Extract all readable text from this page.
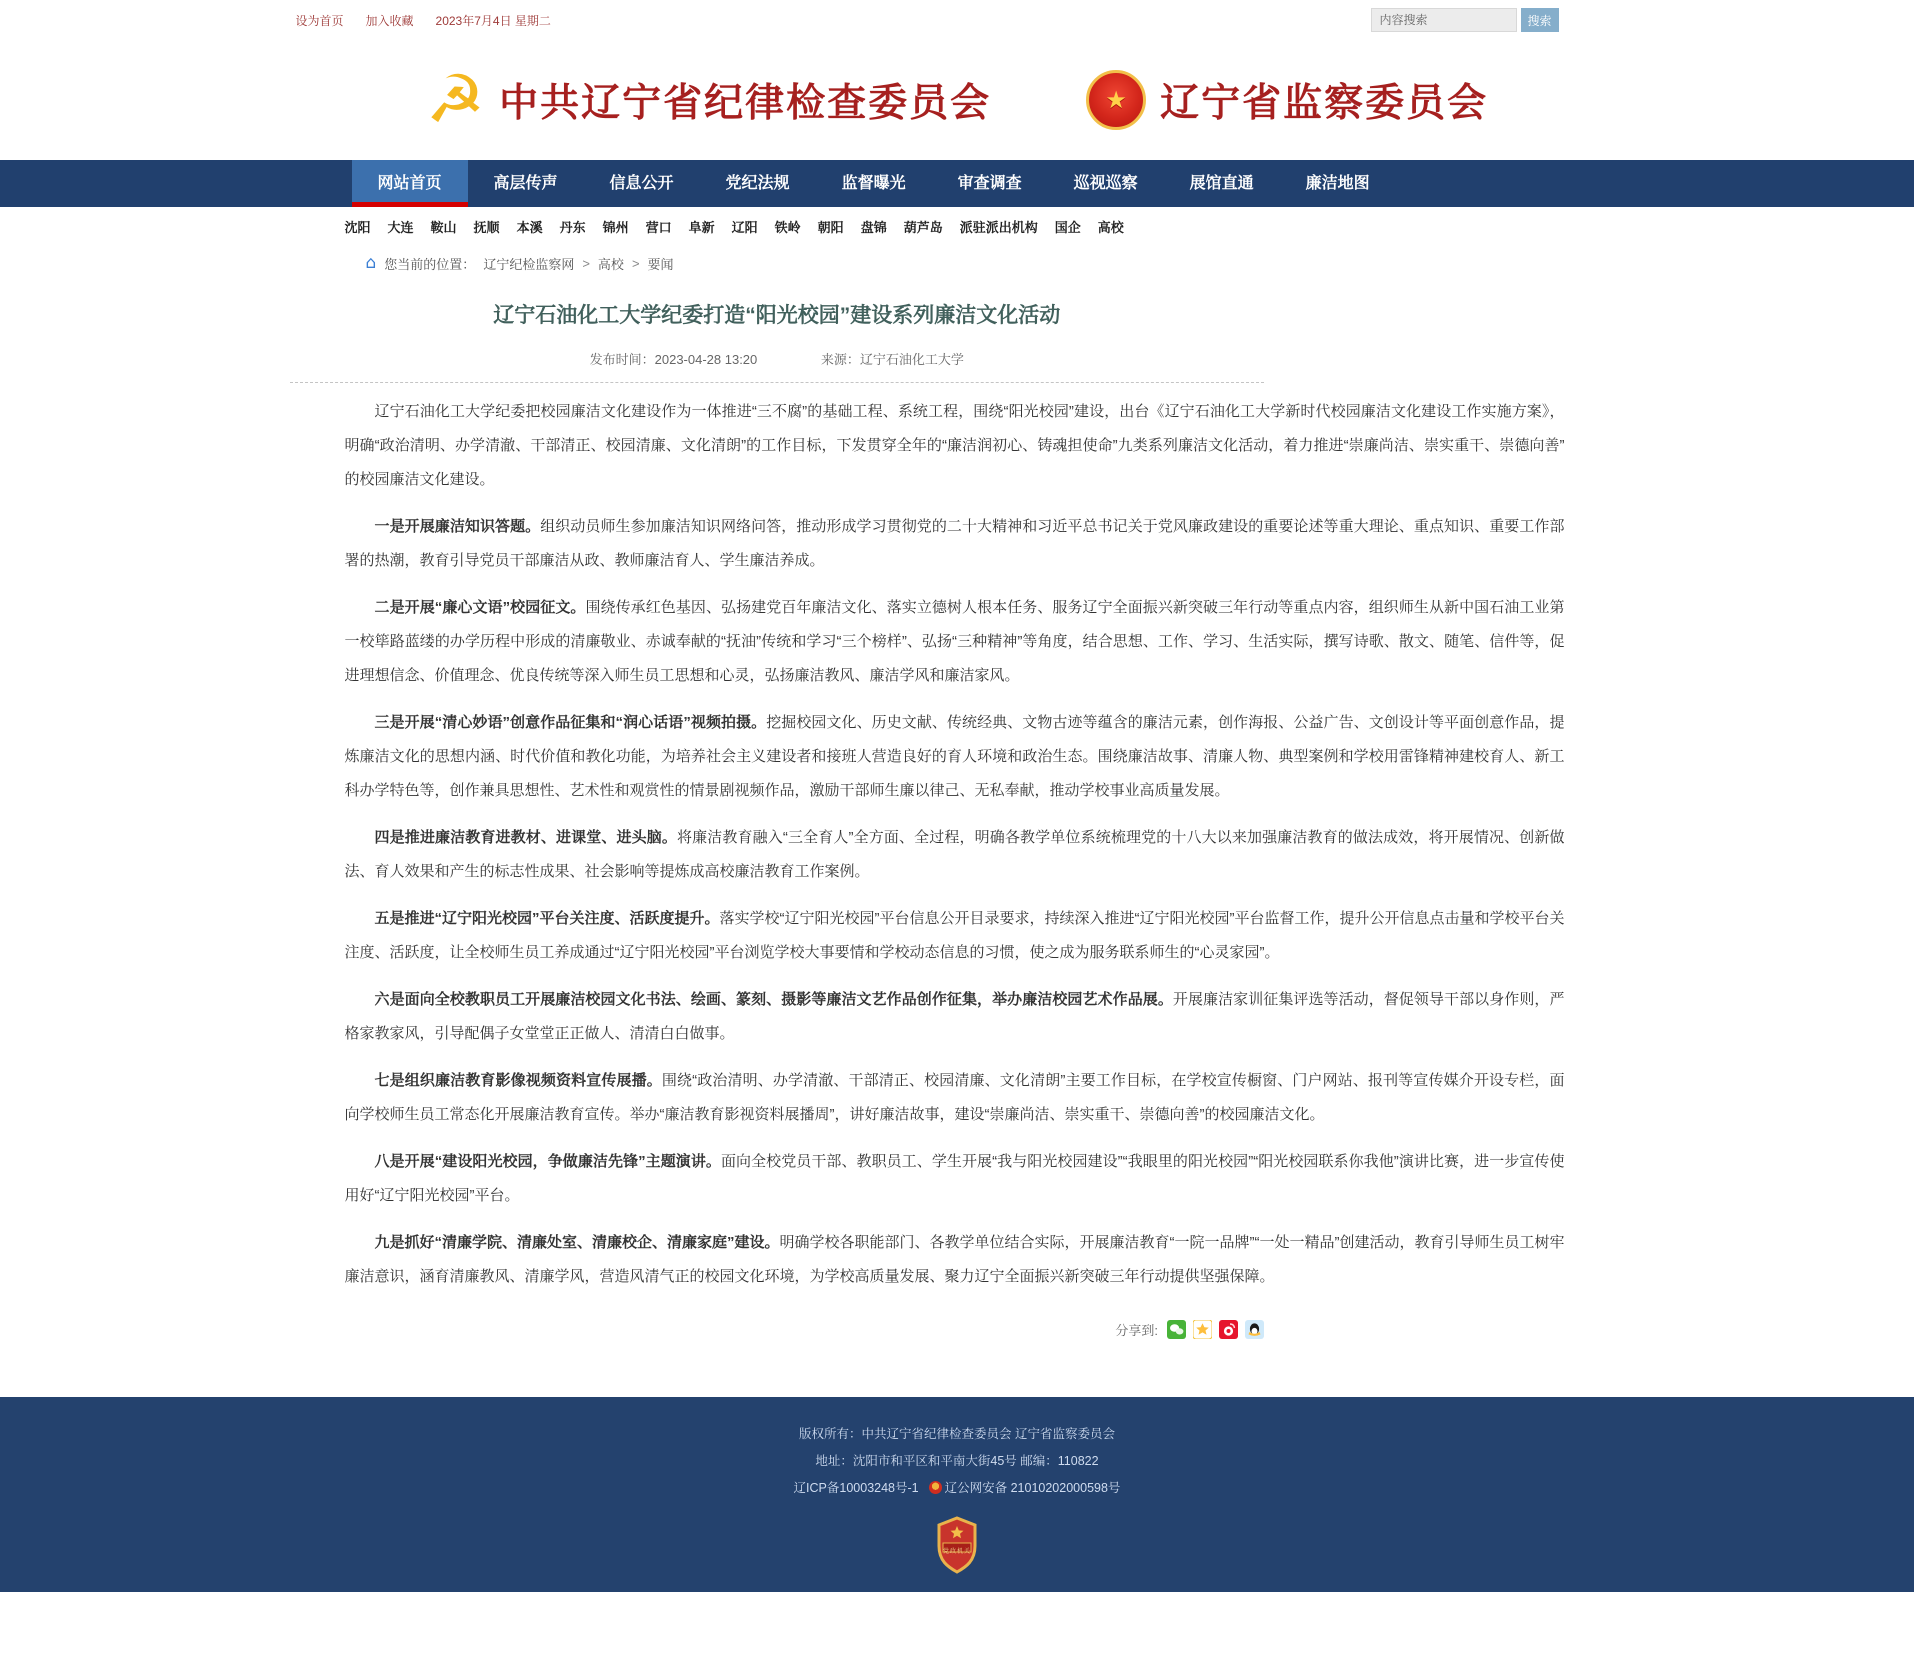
设为首页 加入收藏 2023年7月4日 星期二
内容搜索	搜索
☭ 中共辽宁省纪律检查委员会	★ 辽宁省监察委员会
网站首页	高层传声	信息公开	党纪法规	监督曝光	审查调查	巡视巡察	展馆直通	廉洁地图
沈阳 大连 鞍山 抚顺 本溪 丹东 锦州 营口 阜新 辽阳 铁岭 朝阳 盘锦 葫芦岛 派驻派出机构 国企 高校
⌂ 您当前的位置： 辽宁纪检监察网 > 高校 > 要闻
辽宁石油化工大学纪委打造“阳光校园”建设系列廉洁文化活动
发布时间：2023-04-28 13:20	来源：辽宁石油化工大学

辽宁石油化工大学纪委把校园廉洁文化建设作为一体推进“三不腐”的基础工程、系统工程，围绕“阳光校园”建设，出台《辽宁石油化工大学新时代校园廉洁文化建设工作实施方案》，明确“政治清明、办学清澈、干部清正、校园清廉、文化清朗”的工作目标，下发贯穿全年的“廉洁润初心、铸魂担使命”九类系列廉洁文化活动，着力推进“崇廉尚洁、崇实重干、崇德向善”的校园廉洁文化建设。

一是开展廉洁知识答题。组织动员师生参加廉洁知识网络问答，推动形成学习贯彻党的二十大精神和习近平总书记关于党风廉政建设的重要论述等重大理论、重点知识、重要工作部署的热潮，教育引导党员干部廉洁从政、教师廉洁育人、学生廉洁养成。

二是开展“廉心文语”校园征文。围绕传承红色基因、弘扬建党百年廉洁文化、落实立德树人根本任务、服务辽宁全面振兴新突破三年行动等重点内容，组织师生从新中国石油工业第一校筚路蓝缕的办学历程中形成的清廉敬业、赤诚奉献的“抚油”传统和学习“三个榜样”、弘扬“三种精神”等角度，结合思想、工作、学习、生活实际，撰写诗歌、散文、随笔、信件等，促进理想信念、价值理念、优良传统等深入师生员工思想和心灵，弘扬廉洁教风、廉洁学风和廉洁家风。

三是开展“清心妙语”创意作品征集和“润心话语”视频拍摄。挖掘校园文化、历史文献、传统经典、文物古迹等蕴含的廉洁元素，创作海报、公益广告、文创设计等平面创意作品，提炼廉洁文化的思想内涵、时代价值和教化功能，为培养社会主义建设者和接班人营造良好的育人环境和政治生态。围绕廉洁故事、清廉人物、典型案例和学校用雷锋精神建校育人、新工科办学特色等，创作兼具思想性、艺术性和观赏性的情景剧视频作品，激励干部师生廉以律己、无私奉献，推动学校事业高质量发展。

四是推进廉洁教育进教材、进课堂、进头脑。将廉洁教育融入“三全育人”全方面、全过程，明确各教学单位系统梳理党的十八大以来加强廉洁教育的做法成效，将开展情况、创新做法、育人效果和产生的标志性成果、社会影响等提炼成高校廉洁教育工作案例。

五是推进“辽宁阳光校园”平台关注度、活跃度提升。落实学校“辽宁阳光校园”平台信息公开目录要求，持续深入推进“辽宁阳光校园”平台监督工作，提升公开信息点击量和学校平台关注度、活跃度，让全校师生员工养成通过“辽宁阳光校园”平台浏览学校大事要情和学校动态信息的习惯，使之成为服务联系师生的“心灵家园”。

六是面向全校教职员工开展廉洁校园文化书法、绘画、篆刻、摄影等廉洁文艺作品创作征集，举办廉洁校园艺术作品展。开展廉洁家训征集评选等活动，督促领导干部以身作则，严格家教家风，引导配偶子女堂堂正正做人、清清白白做事。

七是组织廉洁教育影像视频资料宣传展播。围绕“政治清明、办学清澈、干部清正、校园清廉、文化清朗”主要工作目标，在学校宣传橱窗、门户网站、报刊等宣传媒介开设专栏，面向学校师生员工常态化开展廉洁教育宣传。举办“廉洁教育影视资料展播周”，讲好廉洁故事，建设“崇廉尚洁、崇实重干、崇德向善”的校园廉洁文化。

八是开展“建设阳光校园，争做廉洁先锋”主题演讲。面向全校党员干部、教职员工、学生开展“我与阳光校园建设”“我眼里的阳光校园”“阳光校园联系你我他”演讲比赛，进一步宣传使用好“辽宁阳光校园”平台。

九是抓好“清廉学院、清廉处室、清廉校企、清廉家庭”建设。明确学校各职能部门、各教学单位结合实际，开展廉洁教育“一院一品牌”“一处一精品”创建活动，教育引导师生员工树牢廉洁意识，涵育清廉教风、清廉学风，营造风清气正的校园文化环境，为学校高质量发展、聚力辽宁全面振兴新突破三年行动提供坚强保障。

分享到:
版权所有：中共辽宁省纪律检查委员会 辽宁省监察委员会
地址：沈阳市和平区和平南大街45号 邮编：110822
辽ICP备10003248号-1 辽公网安备 21010202000598号
党政机关
